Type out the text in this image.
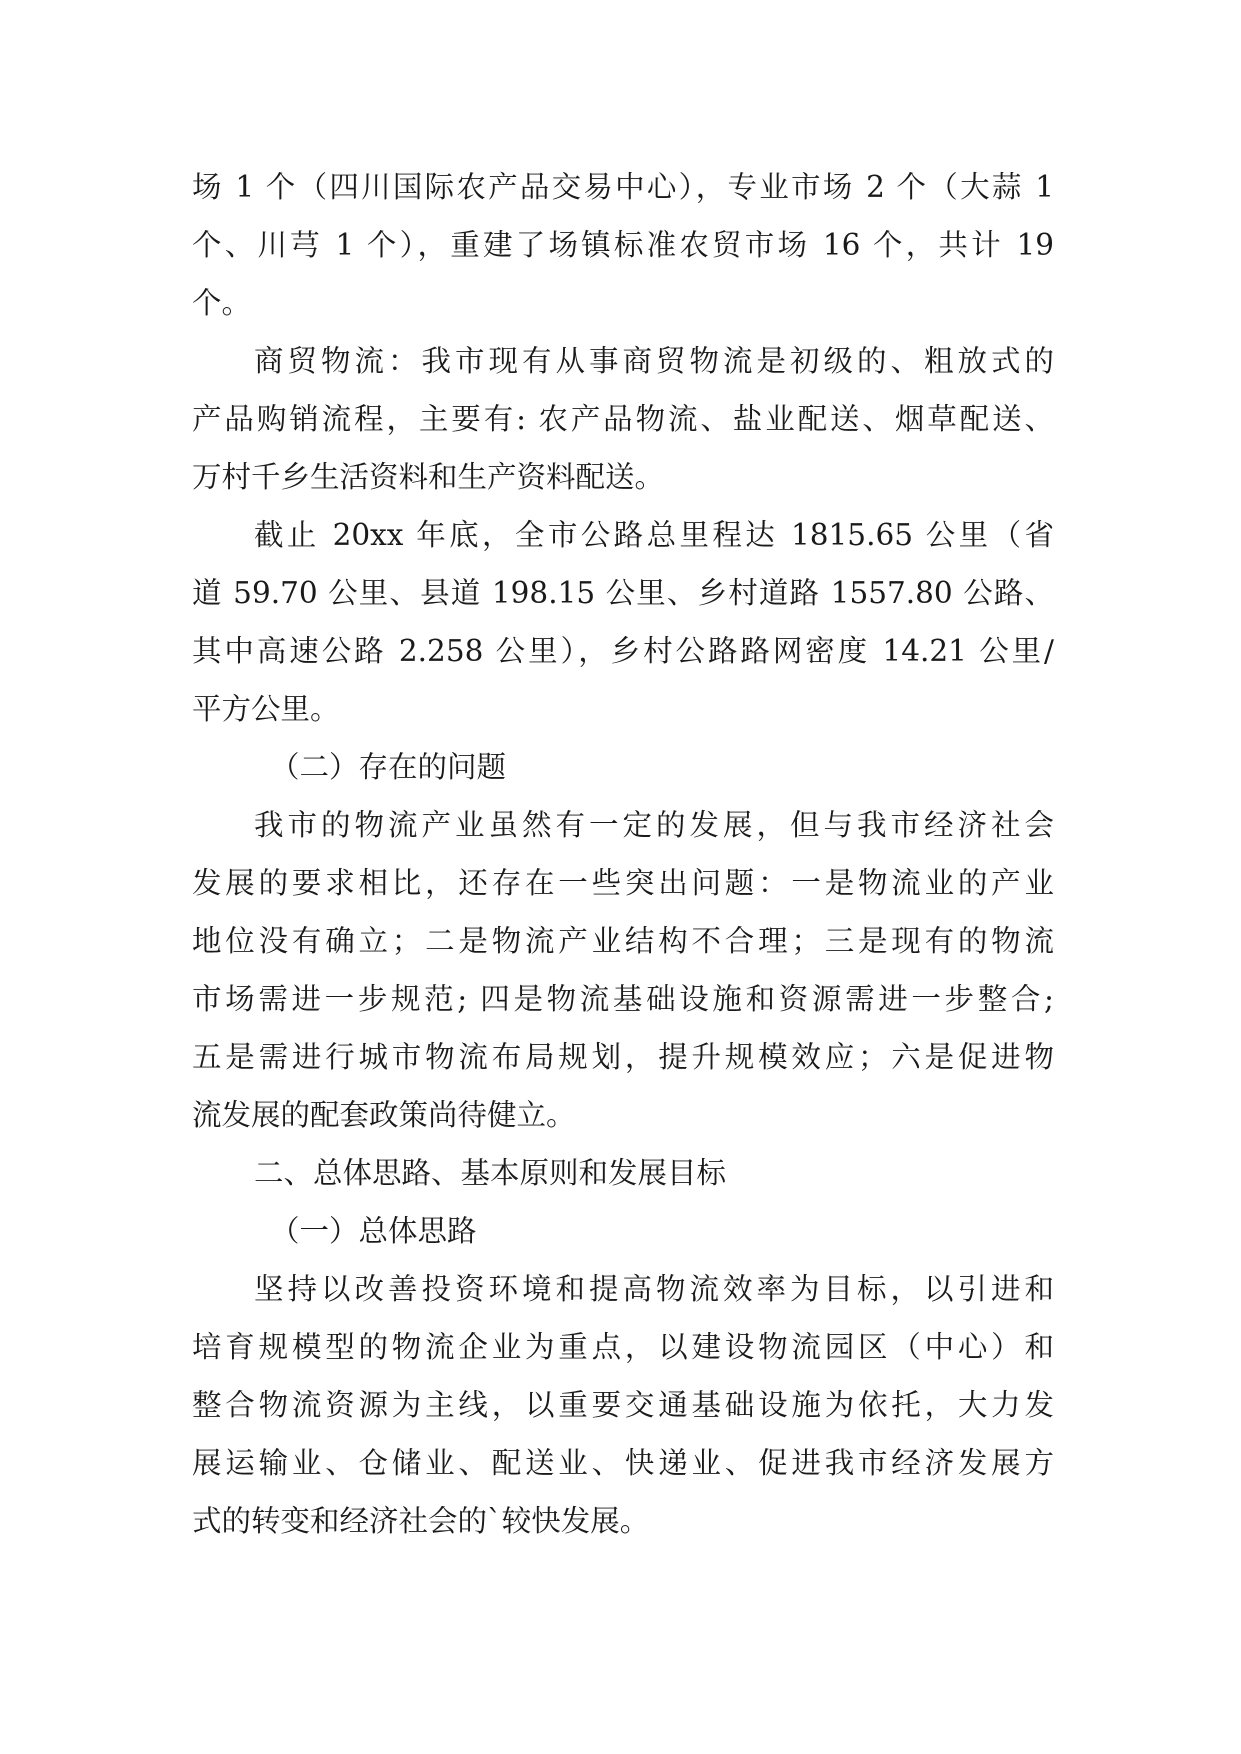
场 1 个（四川国际农产品交易中心），专业市场 2 个（大蒜 1
个、川芎 1 个），重建了场镇标准农贸市场 16 个，共计 19
个。
商贸物流：我市现有从事商贸物流是初级的、粗放式的
产品购销流程，主要有: 农产品物流、盐业配送、烟草配送、
万村千乡生活资料和生产资料配送。
截止 20xx 年底，全市公路总里程达 1815.65 公里（省
道 59.70 公里、县道 198.15 公里、乡村道路 1557.80 公路、
其中高速公路 2.258 公里），乡村公路路网密度 14.21 公里/
平方公里。
（二）存在的问题
我市的物流产业虽然有一定的发展，但与我市经济社会
发展的要求相比，还存在一些突出问题：一是物流业的产业
地位没有确立；二是物流产业结构不合理；三是现有的物流
市场需进一步规范; 四是物流基础设施和资源需进一步整合;
五是需进行城市物流布局规划，提升规模效应；六是促进物
流发展的配套政策尚待健立。
二、总体思路、基本原则和发展目标
（一）总体思路
坚持以改善投资环境和提高物流效率为目标，以引进和
培育规模型的物流企业为重点，以建设物流园区（中心）和
整合物流资源为主线，以重要交通基础设施为依托，大力发
展运输业、仓储业、配送业、快递业、促进我市经济发展方
式的转变和经济社会的`较快发展。
